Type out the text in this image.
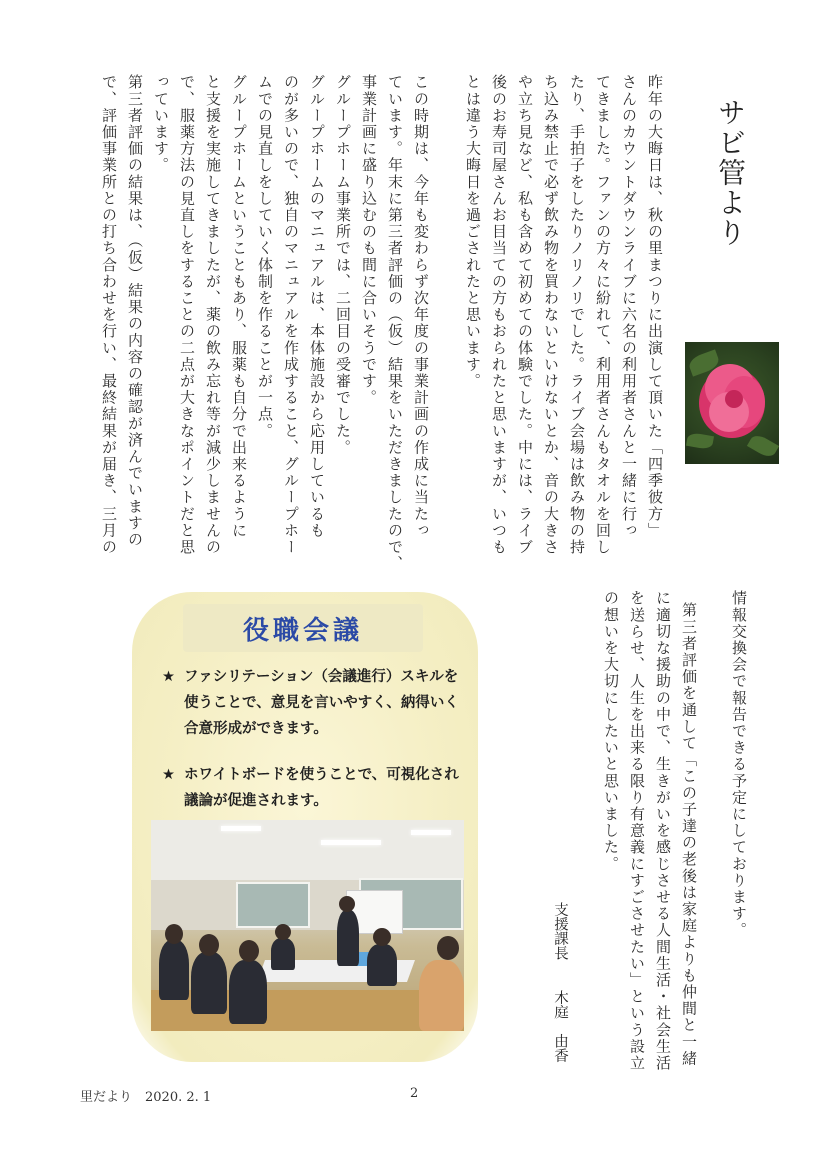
サビ管より
昨年の大晦日は、秋の里まつりに出演して頂いた「四季彼方」
さんのカウントダウンライブに六名の利用者さんと一緒に行っ
てきました。ファンの方々に紛れて、利用者さんもタオルを回し
たり、手拍子をしたりノリノリでした。ライブ会場は飲み物の持
ち込み禁止で必ず飲み物を買わないといけないとか、音の大きさ
や立ち見など、私も含めて初めての体験でした。中には、ライブ
後のお寿司屋さんお目当ての方もおられたと思いますが、いつも
とは違う大晦日を過ごされたと思います。
この時期は、今年も変わらず次年度の事業計画の作成に当たっ
ています。年末に第三者評価の（仮）結果をいただきましたので、
事業計画に盛り込むのも間に合いそうです。
グループホーム事業所では、二回目の受審でした。
グループホームのマニュアルは、本体施設から応用しているも
のが多いので、独自のマニュアルを作成すること、グループホー
ムでの見直しをしていく体制を作ることが一点。
グループホームということもあり、服薬も自分で出来るように
と支援を実施してきましたが、薬の飲み忘れ等が減少しませんの
で、服薬方法の見直しをすることの二点が大きなポイントだと思
っています。
第三者評価の結果は、（仮）結果の内容の確認が済んでいますの
で、評価事業所との打ち合わせを行い、最終結果が届き、三月の
情報交換会で報告できる予定にしております。
第三者評価を通して「この子達の老後は家庭よりも仲間と一緒
に適切な援助の中で、生きがいを感じさせる人間生活・社会生活
を送らせ、人生を出来る限り有意義にすごさせたい」という設立
の想いを大切にしたいと思いました。
支援課長
木庭　由香
役職会議
★ ファシリテーション（会議進行）スキルを
使うことで、意見を言いやすく、納得いく
合意形成ができます。
★ ホワイトボードを使うことで、可視化され
議論が促進されます。
里だより　2020. 2. 1	2
